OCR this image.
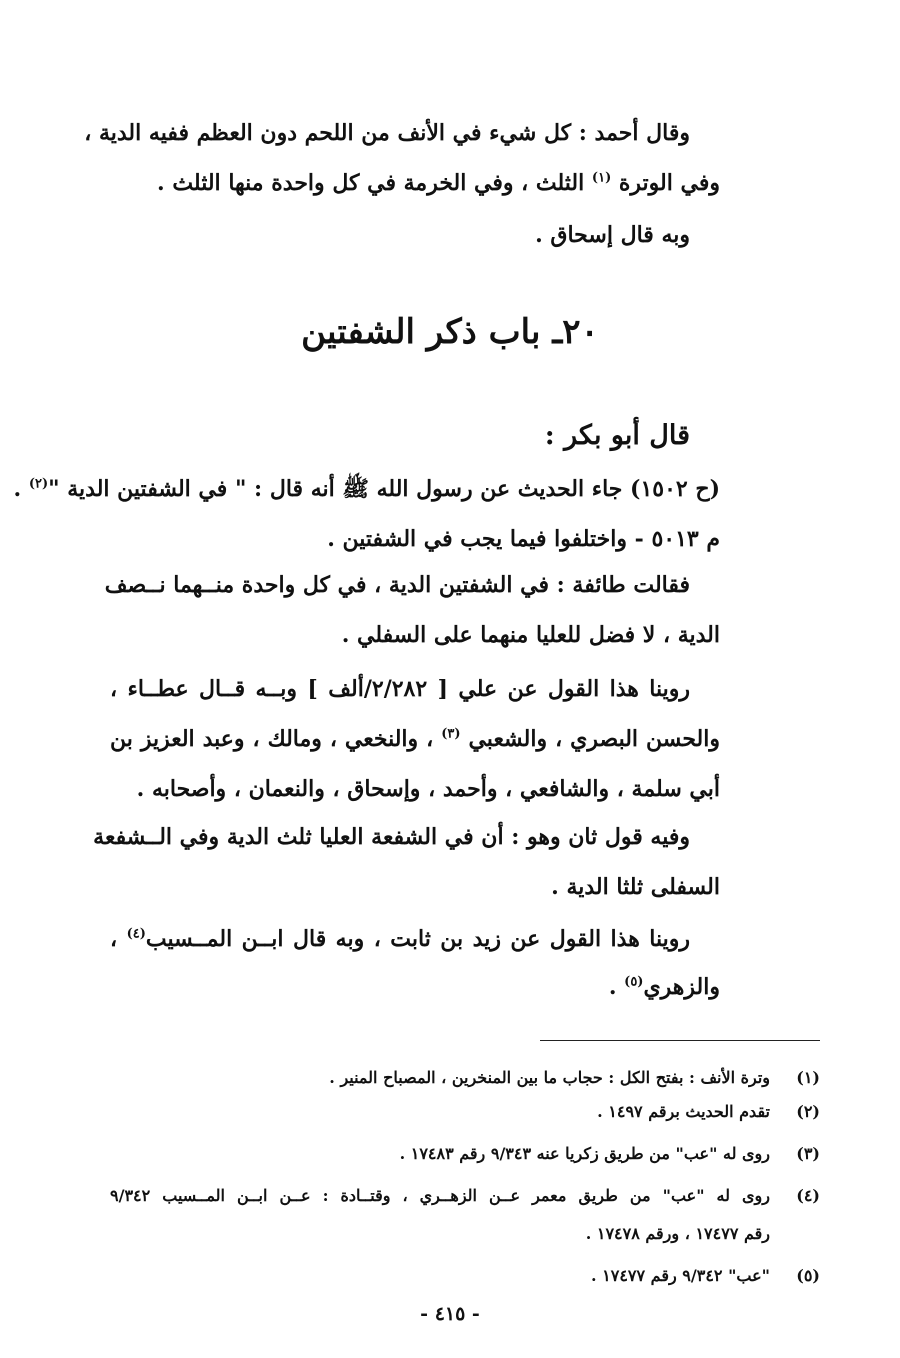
وقال أحمد : كل شيء في الأنف من اللحم دون العظم ففيه الدية ،
وفي الوترة $^{(١)}$ الثلث ، وفي الخرمة في كل واحدة منها الثلث .
وبه قال إسحاق .
٢٠ـ باب ذكر الشفتين
قال أبو بكر :
(ح ١٥٠٢) جاء الحديث عن رسول الله ﷺ أنه قال : " في الشفتين الدية "$^{(٢)}$ .
م ٥٠١٣ - واختلفوا فيما يجب في الشفتين .
فقالت طائفة : في الشفتين الدية ، في كل واحدة منــهما نــصف
الدية ، لا فضل للعليا منهما على السفلي .
روينا هذا القول عن علي [ ٢/٢٨٢/ألف ] وبــه قــال عطــاء ،
والحسن البصري ، والشعبي $^{(٣)}$ ، والنخعي ، ومالك ، وعبد العزيز بن
أبي سلمة ، والشافعي ، وأحمد ، وإسحاق ، والنعمان ، وأصحابه .
وفيه قول ثان وهو : أن في الشفعة العليا ثلث الدية وفي الــشفعة
السفلى ثلثا الدية .
روينا هذا القول عن زيد بن ثابت ، وبه قال ابــن المــسيب$^{(٤)}$ ،
والزهري$^{(٥)}$ .
(١)
وترة الأنف : بفتح الكل : حجاب ما بين المنخرين ، المصباح المنير .
(٢)
تقدم الحديث برقم ١٤٩٧ .
(٣)
روى له "عب" من طريق زكريا عنه ٩/٣٤٣ رقم ١٧٤٨٣ .
(٤)
روى له "عب" من طريق معمر عــن الزهــري ، وقتــادة : عــن ابــن المــسيب ٩/٣٤٢
رقم ١٧٤٧٧ ، ورقم ١٧٤٧٨ .
(٥)
"عب" ٩/٣٤٢ رقم ١٧٤٧٧ .
- ٤١٥ -
